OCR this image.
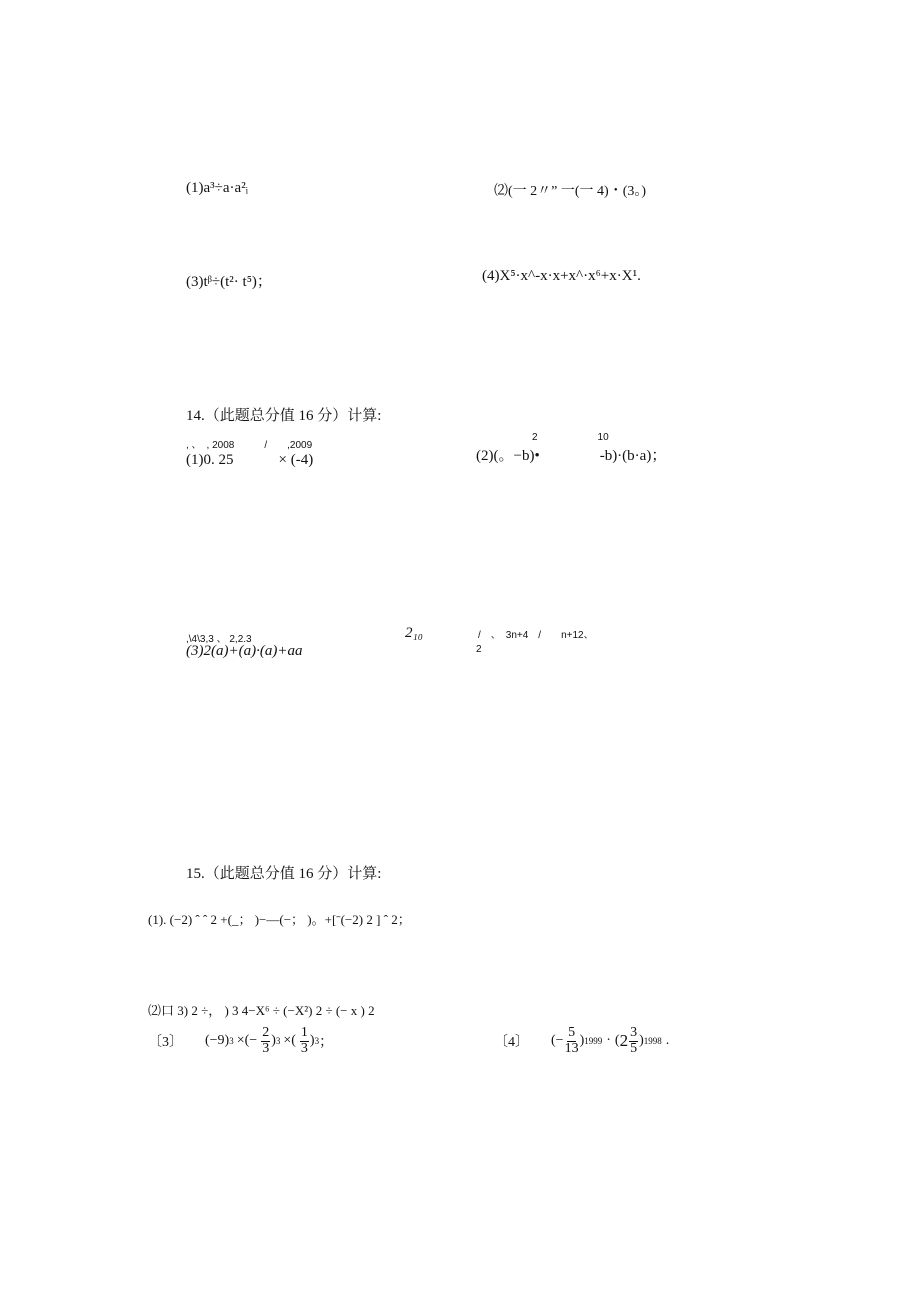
(1)a³÷a·a²ᵢ	⑵(一 2〃” 一(一 4)・(3。)
(3)tᵝ÷(t²· t⁵)；	(4)X⁵·x^-x·x+x^·x⁶+x·X¹.
14.（此题总分值 16 分）计算:
, 、　, 2008　　　/　　,2009
(1)0. 25　　　× (-4)
2　　　　　　10
(2)(。−b)•　　　　-b)·(b·a)；
,\4\3,3 、 2,2.3
(3)2(a)+(a)·(a)+aa
2₁₀	/　、　3n+4　/　　n+12、
2
15.（此题总分值 16 分）计算:
(1). (−2) ˆ ˆ 2 +(_； )−—(−； )。+[ˉ(−2) 2 ] ˆ 2；
⑵口 3) 2 ÷， ) 3 4−X⁶ ÷ (−X²) 2 ÷ (− x ) 2
〔3〕 (−9) 3 ×(− $\frac{2}{3}$ ) 3 ×( $\frac{1}{3}$ ) 3 ；	〔4〕 (− $\frac{5}{13}$ ) 1999 · ( $2 \frac{3}{5}$ ) 1998 .
